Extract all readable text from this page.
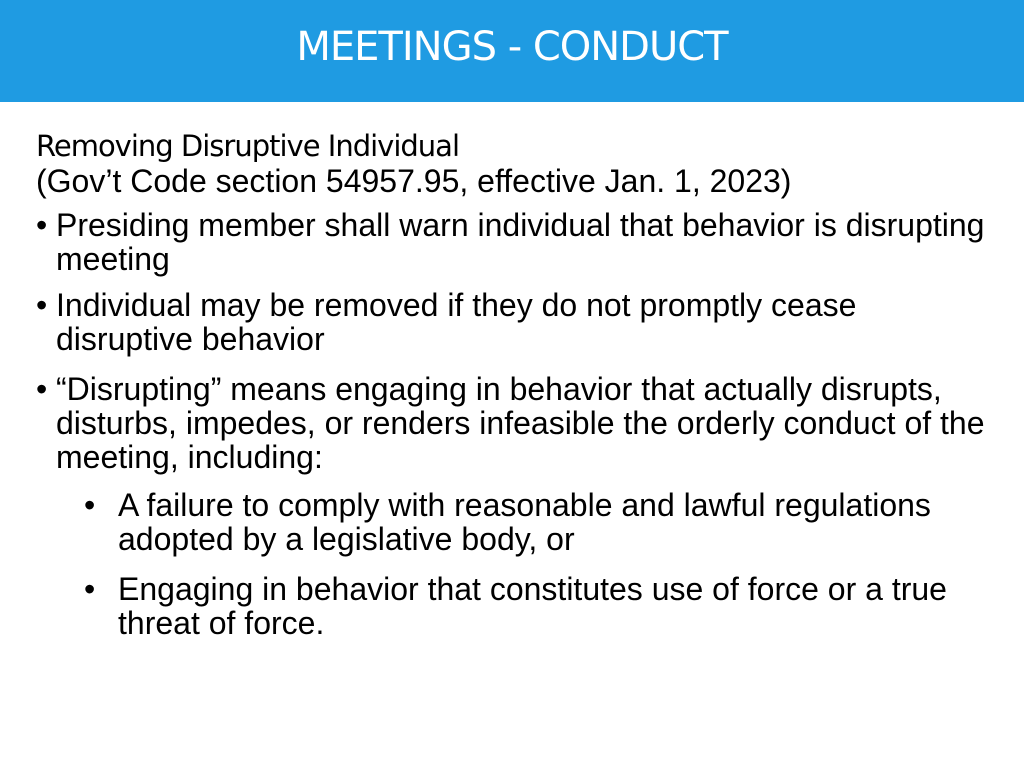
MEETINGS - CONDUCT
Removing Disruptive Individual
(Gov’t Code section 54957.95, effective Jan. 1, 2023)
• Presiding member shall warn individual that behavior is disrupting meeting
• Individual may be removed if they do not promptly cease disruptive behavior
• “Disrupting” means engaging in behavior that actually disrupts, disturbs, impedes, or renders infeasible the orderly conduct of the meeting, including:
• A failure to comply with reasonable and lawful regulations adopted by a legislative body, or
• Engaging in behavior that constitutes use of force or a true threat of force.
